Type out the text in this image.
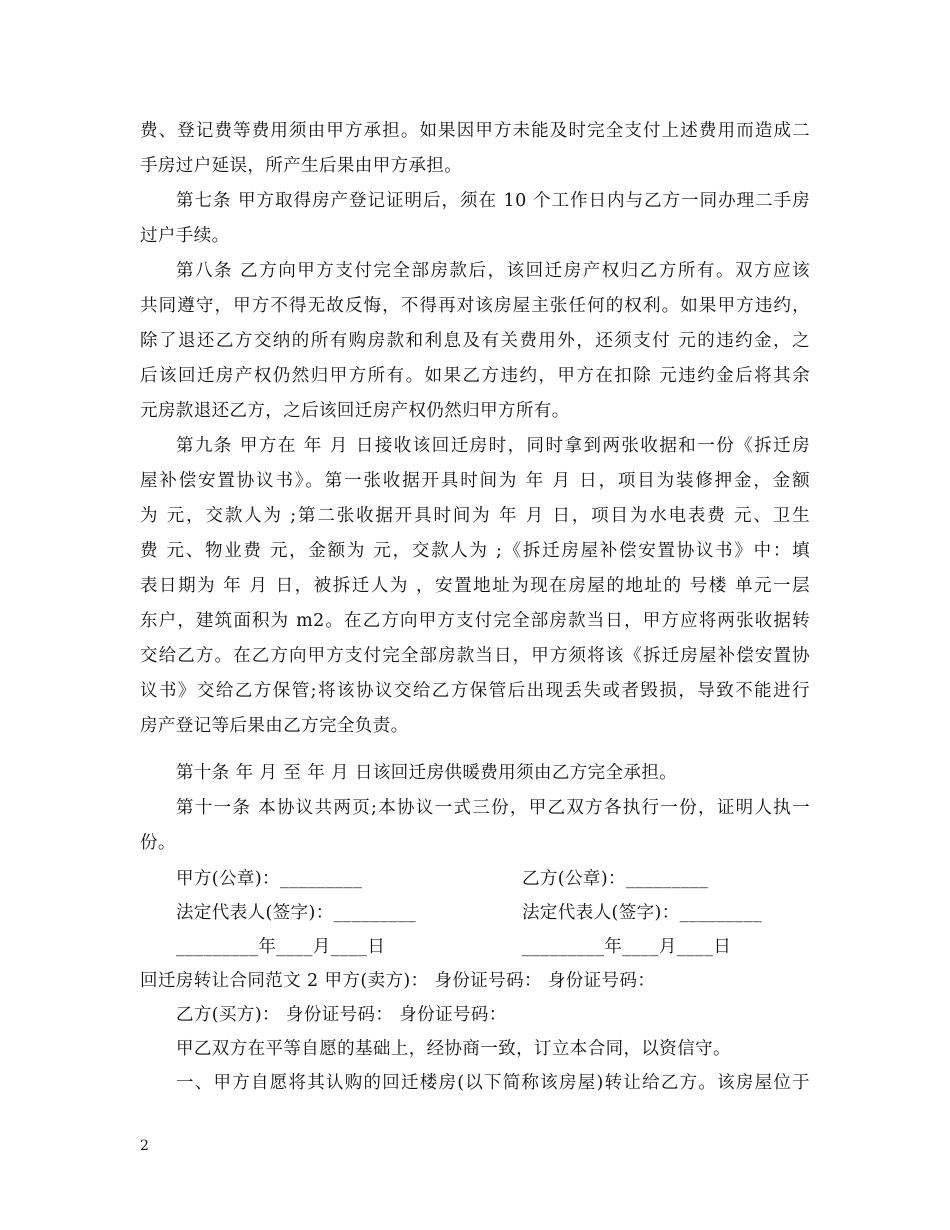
费、登记费等费用须由甲方承担。如果因甲方未能及时完全支付上述费用而造成二
手房过户延误，所产生后果由甲方承担。
第七条 甲方取得房产登记证明后，须在 10 个工作日内与乙方一同办理二手房
过户手续。
第八条 乙方向甲方支付完全部房款后，该回迁房产权归乙方所有。双方应该
共同遵守，甲方不得无故反悔，不得再对该房屋主张任何的权利。如果甲方违约，
除了退还乙方交纳的所有购房款和利息及有关费用外，还须支付 元的违约金，之
后该回迁房产权仍然归甲方所有。如果乙方违约，甲方在扣除 元违约金后将其余
元房款退还乙方，之后该回迁房产权仍然归甲方所有。
第九条 甲方在 年 月 日接收该回迁房时，同时拿到两张收据和一份《拆迁房
屋补偿安置协议书》。第一张收据开具时间为 年 月 日，项目为装修押金，金额
为 元，交款人为 ;第二张收据开具时间为 年 月 日，项目为水电表费 元、卫生
费 元、物业费 元，金额为 元，交款人为 ;《拆迁房屋补偿安置协议书》中：填
表日期为 年 月 日，被拆迁人为 ，安置地址为现在房屋的地址的 号楼 单元一层
东户，建筑面积为 m2。在乙方向甲方支付完全部房款当日，甲方应将两张收据转
交给乙方。在乙方向甲方支付完全部房款当日，甲方须将该《拆迁房屋补偿安置协
议书》交给乙方保管;将该协议交给乙方保管后出现丢失或者毁损，导致不能进行
房产登记等后果由乙方完全负责。
第十条 年 月 至 年 月 日该回迁房供暖费用须由乙方完全承担。
第十一条 本协议共两页;本协议一式三份，甲乙双方各执行一份，证明人执一
份。
甲方(公章)：_________	乙方(公章)：_________
法定代表人(签字)：_________	法定代表人(签字)：_________
_________年____月____日	_________年____月____日
回迁房转让合同范文 2 甲方(卖方)： 身份证号码： 身份证号码：
乙方(买方)： 身份证号码： 身份证号码：
甲乙双方在平等自愿的基础上，经协商一致，订立本合同，以资信守。
一、甲方自愿将其认购的回迁楼房(以下简称该房屋)转让给乙方。该房屋位于
2
